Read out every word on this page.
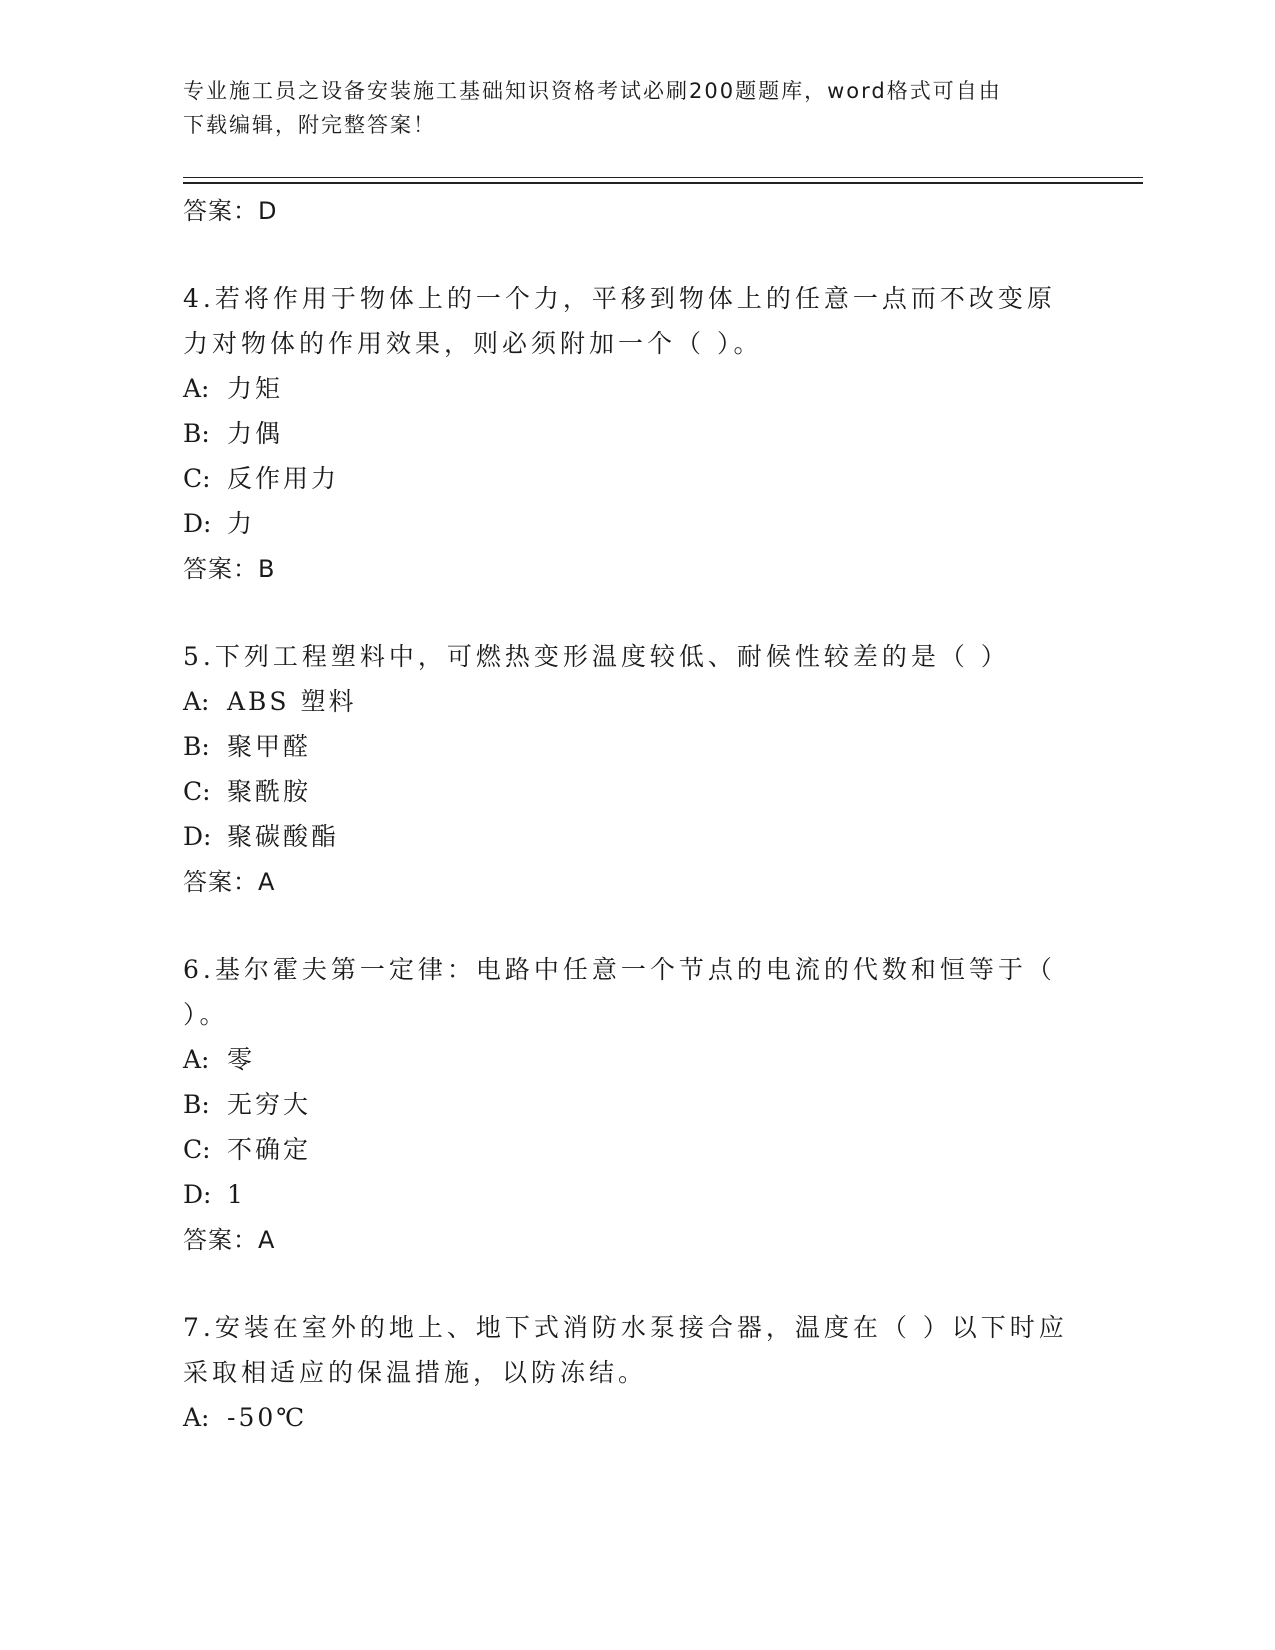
专业施工员之设备安装施工基础知识资格考试必刷200题题库，word格式可自由
下载编辑，附完整答案！

答案：D

4.若将作用于物体上的一个力，平移到物体上的任意一点而不改变原力对物体的作用效果，则必须附加一个（ ）。

A: 力矩

B: 力偶

C: 反作用力

D: 力

答案：B

5.下列工程塑料中，可燃热变形温度较低、耐候性较差的是（ ）

A: ABS 塑料

B: 聚甲醛

C: 聚酰胺

D: 聚碳酸酯

答案：A

6.基尔霍夫第一定律：电路中任意一个节点的电流的代数和恒等于（ ）。

A: 零

B: 无穷大

C: 不确定

D: 1

答案：A

7.安装在室外的地上、地下式消防水泵接合器，温度在（ ）以下时应采取相适应的保温措施，以防冻结。

A: -50℃
